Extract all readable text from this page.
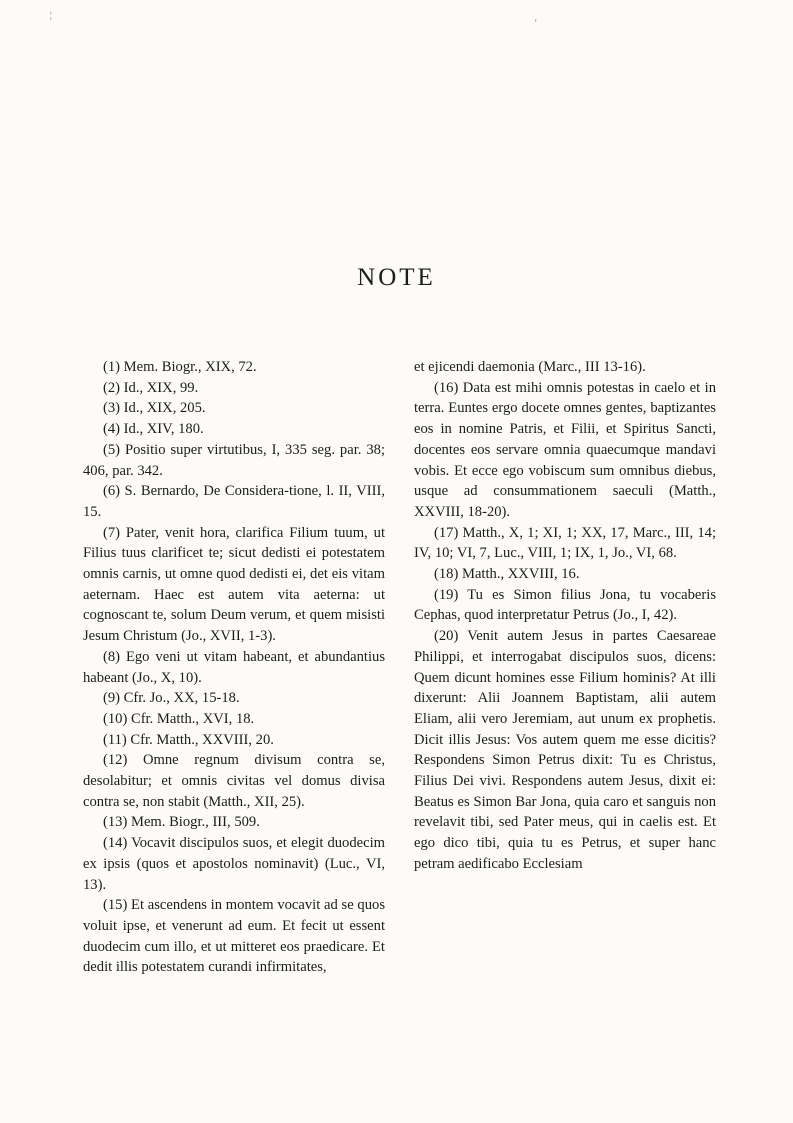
¦
'
NOTE

(1) Mem. Biogr., XIX, 72.

(2) Id., XIX, 99.

(3) Id., XIX, 205.

(4) Id., XIV, 180.

(5) Positio super virtutibus, I, 335 seg. par. 38; 406, par. 342.

(6) S. Bernardo, De Considera-tione, l. II, VIII, 15.

(7) Pater, venit hora, clarifica Filium tuum, ut Filius tuus clarificet te; sicut dedisti ei potestatem omnis carnis, ut omne quod dedisti ei, det eis vitam aeternam. Haec est autem vita aeterna: ut cognoscant te, solum Deum verum, et quem misisti Jesum Christum (Jo., XVII, 1-3).

(8) Ego veni ut vitam habeant, et abundantius habeant (Jo., X, 10).

(9) Cfr. Jo., XX, 15-18.

(10) Cfr. Matth., XVI, 18.

(11) Cfr. Matth., XXVIII, 20.

(12) Omne regnum divisum contra se, desolabitur; et omnis civitas vel domus divisa contra se, non stabit (Matth., XII, 25).

(13) Mem. Biogr., III, 509.

(14) Vocavit discipulos suos, et elegit duodecim ex ipsis (quos et apostolos nominavit) (Luc., VI, 13).

(15) Et ascendens in montem vocavit ad se quos voluit ipse, et venerunt ad eum. Et fecit ut essent duodecim cum illo, et ut mitteret eos praedicare. Et dedit illis potestatem curandi infirmitates,

et ejicendi daemonia (Marc., III 13-16).

(16) Data est mihi omnis potestas in caelo et in terra. Euntes ergo docete omnes gentes, baptizantes eos in nomine Patris, et Filii, et Spiritus Sancti, docentes eos servare omnia quaecumque mandavi vobis. Et ecce ego vobiscum sum omnibus diebus, usque ad consummationem saeculi (Matth., XXVIII, 18-20).

(17) Matth., X, 1; XI, 1; XX, 17, Marc., III, 14; IV, 10; VI, 7, Luc., VIII, 1; IX, 1, Jo., VI, 68.

(18) Matth., XXVIII, 16.

(19) Tu es Simon filius Jona, tu vocaberis Cephas, quod interpretatur Petrus (Jo., I, 42).

(20) Venit autem Jesus in partes Caesareae Philippi, et interrogabat discipulos suos, dicens: Quem dicunt homines esse Filium hominis? At illi dixerunt: Alii Joannem Baptistam, alii autem Eliam, alii vero Jeremiam, aut unum ex prophetis. Dicit illis Jesus: Vos autem quem me esse dicitis? Respondens Simon Petrus dixit: Tu es Christus, Filius Dei vivi. Respondens autem Jesus, dixit ei: Beatus es Simon Bar Jona, quia caro et sanguis non revelavit tibi, sed Pater meus, qui in caelis est. Et ego dico tibi, quia tu es Petrus, et super hanc petram aedificabo Ecclesiam
